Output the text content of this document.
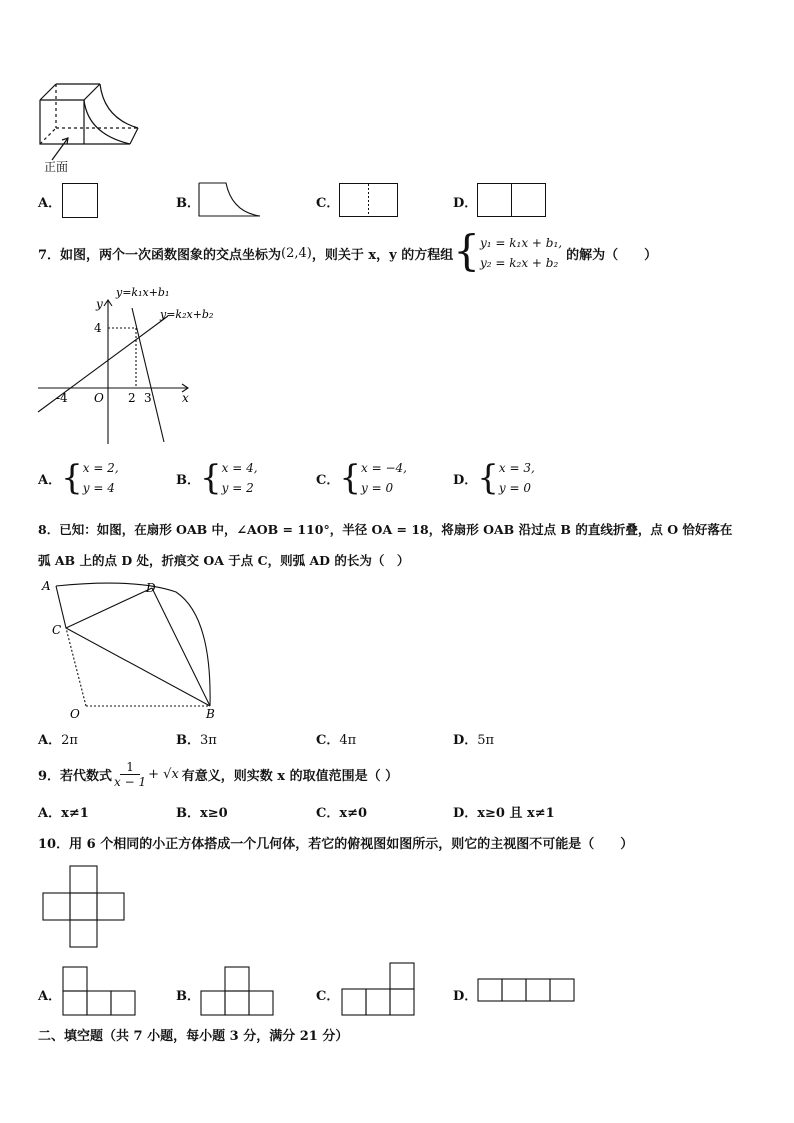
正面
A．	B．	C．	D．
7．如图，两个一次函数图象的交点坐标为 (2,4) ，则关于 x，y 的方程组 { y₁ = k₁x + b₁,
y₂ = k₂x + b₂
的解为（　　）
y=k₁x+b₁
y=k₂x+b₂
y
x
O
4
-4	2 3
A． { x = 2,
y = 4
B． { x = 4,
y = 2
C． { x = −4,
y = 0
D． { x = 3,
y = 0
8．已知：如图，在扇形 OAB 中，∠AOB = 110°，半径 OA = 18，将扇形 OAB 沿过点 B 的直线折叠，点 O 恰好落在
弧 AB 上的点 D 处，折痕交 OA 于点 C，则弧 AD 的长为（　）
A	D
C
O	B
A．2π	B．3π	C．4π	D．5π
9．若代数式 $\frac{1}{x - 1} + √x$ 有意义，则实数 x 的取值范围是（ ）
A．x≠1	B．x≥0	C．x≠0	D．x≥0 且 x≠1
10．用 6 个相同的小正方体搭成一个几何体，若它的俯视图如图所示，则它的主视图不可能是（　　）
A．	B．	C．	D．
二、填空题（共 7 小题，每小题 3 分，满分 21 分）
